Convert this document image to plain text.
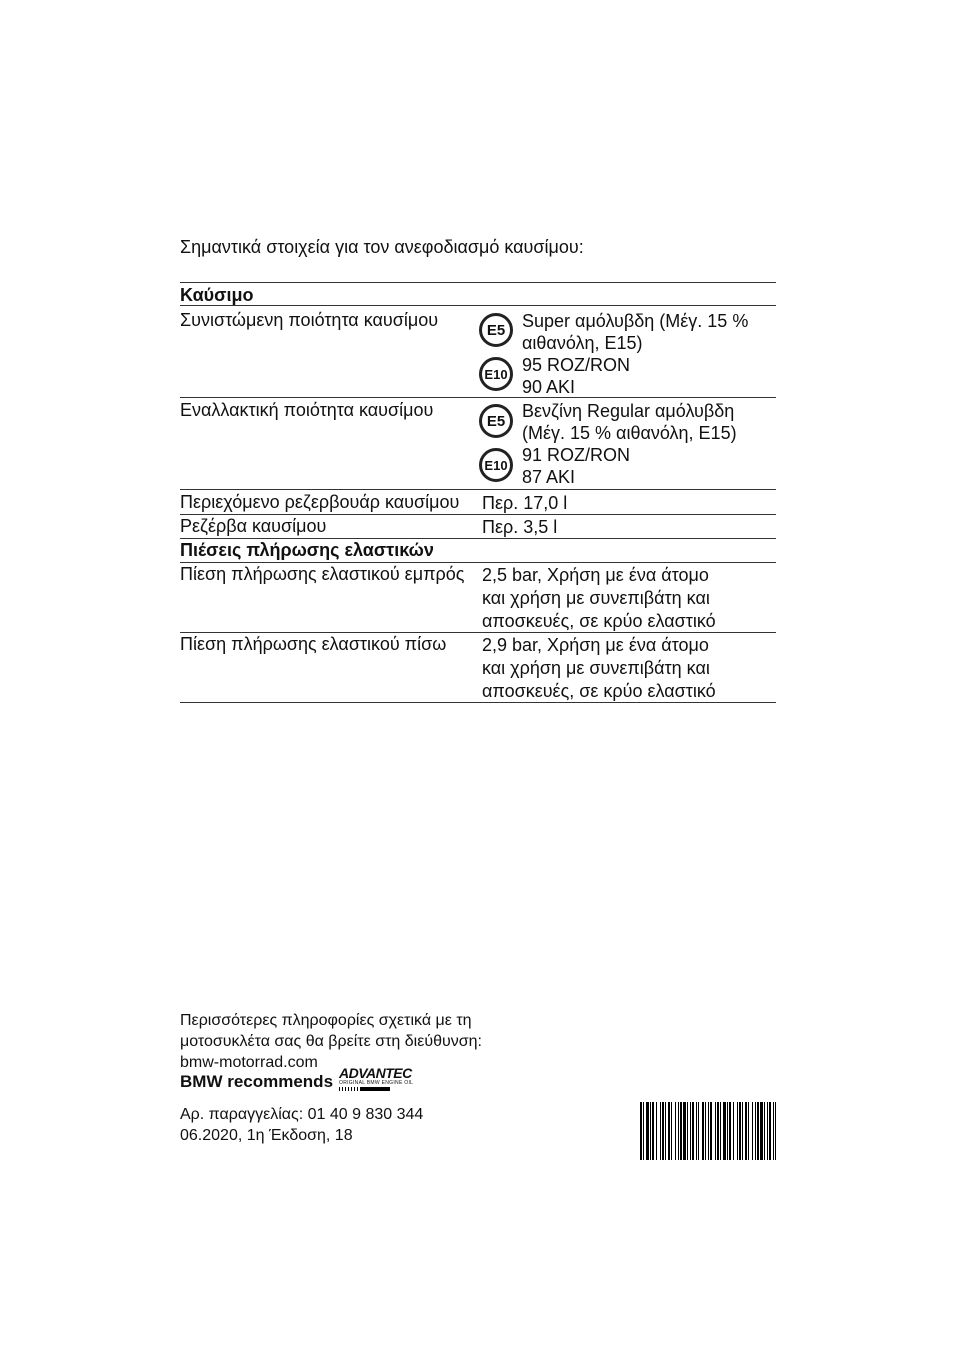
Σημαντικά στοιχεία για τον ανεφοδιασμό καυσίμου:
Καύσιμο
Συνιστώμενη ποιότητα καυσίμου	E5
E10
Super αμόλυβδη (Μέγ. 15 %
αιθανόλη, E15)
95 ROZ/RON
90 AKI
Εναλλακτική ποιότητα καυσίμου
E5
E10
Βενζίνη Regular αμόλυβδη
(Μέγ. 15 % αιθανόλη, E15)
91 ROZ/RON
87 AKI
Περιεχόμενο ρεζερβουάρ καυσίμου Περ. 17,0 l
Ρεζέρβα καυσίμου	Περ. 3,5 l
Πιέσεις πλήρωσης ελαστικών
Πίεση πλήρωσης ελαστικού εμπρός 2,5 bar, Χρήση με ένα άτομο
και χρήση με συνεπιβάτη και
αποσκευές, σε κρύο ελαστικό
Πίεση πλήρωσης ελαστικού πίσω 2,9 bar, Χρήση με ένα άτομο
και χρήση με συνεπιβάτη και
αποσκευές, σε κρύο ελαστικό
Περισσότερες πληροφορίες σχετικά με τη
μοτοσυκλέτα σας θα βρείτε στη διεύθυνση:
bmw-motorrad.com
BMW recommends ADVANTEC
ORIGINAL BMW ENGINE OIL
Αρ. παραγγελίας: 01 40 9 830 344
06.2020, 1η Έκδοση, 18
